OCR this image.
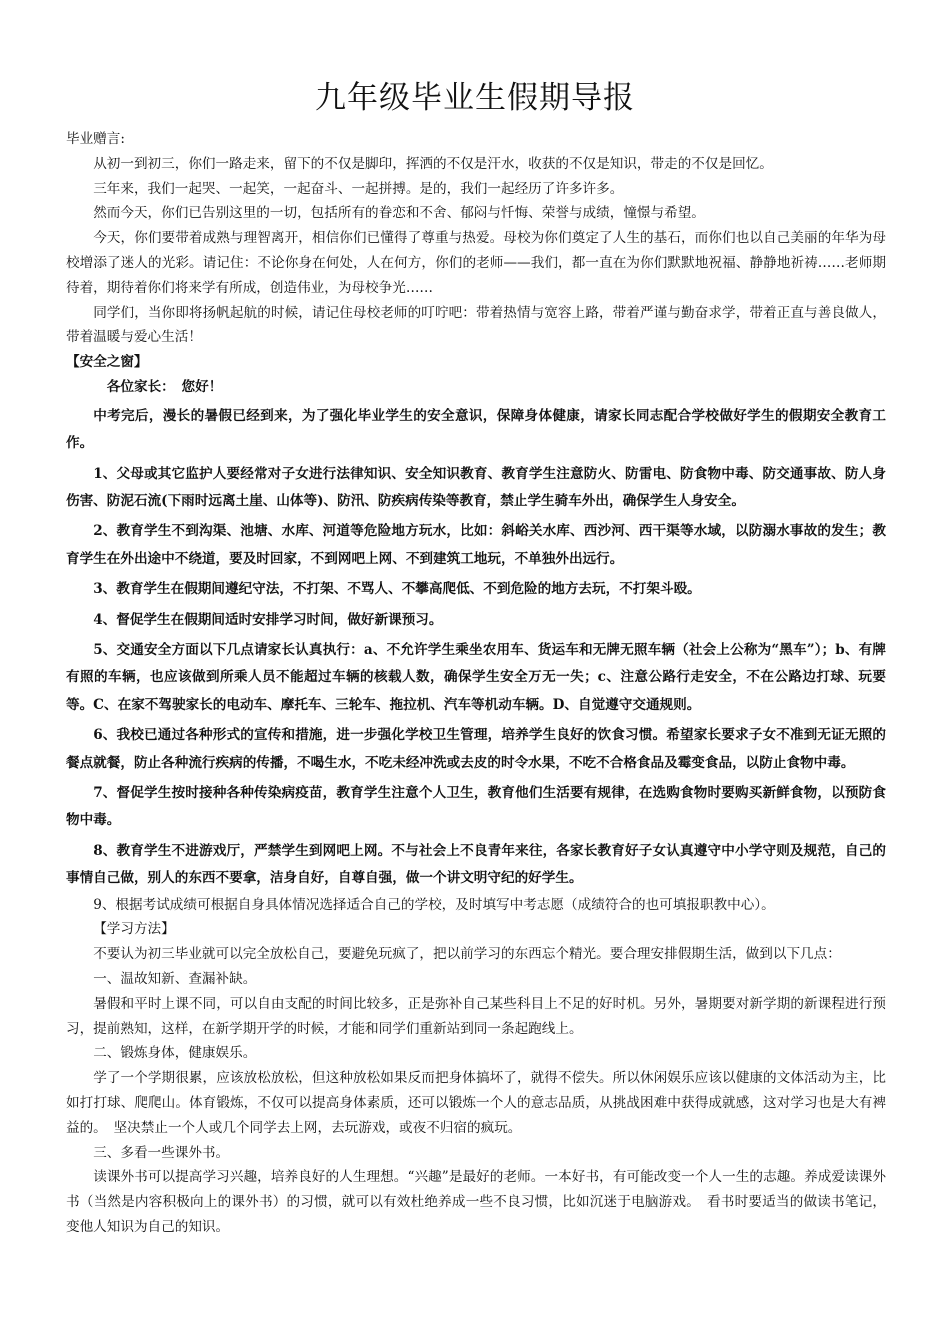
九年级毕业生假期导报

毕业赠言:

从初一到初三，你们一路走来，留下的不仅是脚印，挥洒的不仅是汗水，收获的不仅是知识，带走的不仅是回忆。

三年来，我们一起哭、一起笑，一起奋斗、一起拼搏。是的，我们一起经历了许多许多。

然而今天，你们已告别这里的一切，包括所有的眷恋和不舍、郁闷与忏悔、荣誉与成绩，憧憬与希望。

今天，你们要带着成熟与理智离开，相信你们已懂得了尊重与热爱。母校为你们奠定了人生的基石，而你们也以自己美丽的年华为母校增添了迷人的光彩。请记住：不论你身在何处，人在何方，你们的老师——我们，都一直在为你们默默地祝福、静静地祈祷……老师期待着，期待着你们将来学有所成，创造伟业，为母校争光……

同学们，当你即将扬帆起航的时候，请记住母校老师的叮咛吧：带着热情与宽容上路，带着严谨与勤奋求学，带着正直与善良做人，带着温暖与爱心生活！

【安全之窗】

各位家长：　您好！

中考完后，漫长的暑假已经到来，为了强化毕业学生的安全意识，保障身体健康，请家长同志配合学校做好学生的假期安全教育工作。

1、父母或其它监护人要经常对子女进行法律知识、安全知识教育、教育学生注意防火、防雷电、防食物中毒、防交通事故、防人身伤害、防泥石流(下雨时远离土崖、山体等)、防汛、防疾病传染等教育，禁止学生骑车外出，确保学生人身安全。

2、教育学生不到沟渠、池塘、水库、河道等危险地方玩水，比如：斜峪关水库、西沙河、西干渠等水域，以防溺水事故的发生；教育学生在外出途中不绕道，要及时回家，不到网吧上网、不到建筑工地玩，不单独外出远行。

3、教育学生在假期间遵纪守法，不打架、不骂人、不攀高爬低、不到危险的地方去玩，不打架斗殴。

4、督促学生在假期间适时安排学习时间，做好新课预习。

5、交通安全方面以下几点请家长认真执行：a、不允许学生乘坐农用车、货运车和无牌无照车辆（社会上公称为“黑车”）；b、有牌有照的车辆，也应该做到所乘人员不能超过车辆的核载人数，确保学生安全万无一失；c、注意公路行走安全，不在公路边打球、玩要等。C、在家不驾驶家长的电动车、摩托车、三轮车、拖拉机、汽车等机动车辆。D、自觉遵守交通规则。

6、我校已通过各种形式的宣传和措施，进一步强化学校卫生管理，培养学生良好的饮食习惯。希望家长要求子女不准到无证无照的餐点就餐，防止各种流行疾病的传播，不喝生水，不吃未经冲洗或去皮的时令水果，不吃不合格食品及霉变食品，以防止食物中毒。

7、督促学生按时接种各种传染病疫苗，教育学生注意个人卫生，教育他们生活要有规律，在选购食物时要购买新鲜食物，以预防食物中毒。

8、教育学生不进游戏厅，严禁学生到网吧上网。不与社会上不良青年来往，各家长教育好子女认真遵守中小学守则及规范，自己的事情自己做，别人的东西不要拿，洁身自好，自尊自强，做一个讲文明守纪的好学生。

9、根据考试成绩可根据自身具体情况选择适合自己的学校，及时填写中考志愿（成绩符合的也可填报职教中心）。

【学习方法】

不要认为初三毕业就可以完全放松自己，要避免玩疯了，把以前学习的东西忘个精光。要合理安排假期生活，做到以下几点：

一、温故知新、查漏补缺。

暑假和平时上课不同，可以自由支配的时间比较多，正是弥补自己某些科目上不足的好时机。另外，暑期要对新学期的新课程进行预习，提前熟知，这样，在新学期开学的时候，才能和同学们重新站到同一条起跑线上。

二、锻炼身体，健康娱乐。

学了一个学期很累，应该放松放松，但这种放松如果反而把身体搞坏了，就得不偿失。所以休闲娱乐应该以健康的文体活动为主，比如打打球、爬爬山。体育锻炼，不仅可以提高身体素质，还可以锻炼一个人的意志品质，从挑战困难中获得成就感，这对学习也是大有裨益的。　坚决禁止一个人或几个同学去上网，去玩游戏，或夜不归宿的疯玩。

三、多看一些课外书。

读课外书可以提高学习兴趣，培养良好的人生理想。“兴趣”是最好的老师。一本好书，有可能改变一个人一生的志趣。养成爱读课外书（当然是内容积极向上的课外书）的习惯，就可以有效杜绝养成一些不良习惯，比如沉迷于电脑游戏。　看书时要适当的做读书笔记，变他人知识为自己的知识。
